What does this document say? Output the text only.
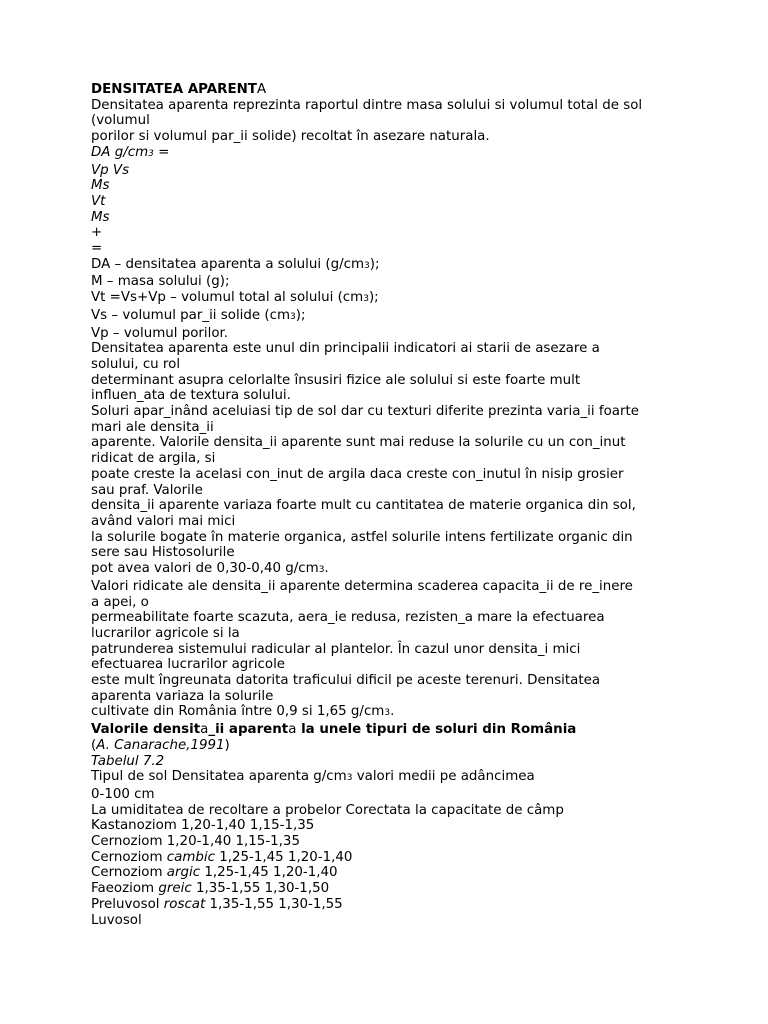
DENSITATEA APARENTA

Densitatea aparenta reprezinta raportul dintre masa solului si volumul total de sol

(volumul

porilor si volumul par_ii solide) recoltat în asezare naturala.

DA g/cm3 =

Vp Vs

Ms

Vt

Ms

+

=

DA – densitatea aparenta a solului (g/cm3);

M – masa solului (g);

Vt =Vs+Vp – volumul total al solului (cm3);

Vs – volumul par_ii solide (cm3);

Vp – volumul porilor.

Densitatea aparenta este unul din principalii indicatori ai starii de asezare a

solului, cu rol

determinant asupra celorlalte însusiri fizice ale solului si este foarte mult

influen_ata de textura solului.

Soluri apar_inând aceluiasi tip de sol dar cu texturi diferite prezinta varia_ii foarte

mari ale densita_ii

aparente. Valorile densita_ii aparente sunt mai reduse la solurile cu un con_inut

ridicat de argila, si

poate creste la acelasi con_inut de argila daca creste con_inutul în nisip grosier

sau praf. Valorile

densita_ii aparente variaza foarte mult cu cantitatea de materie organica din sol,

având valori mai mici

la solurile bogate în materie organica, astfel solurile intens fertilizate organic din

sere sau Histosolurile

pot avea valori de 0,30-0,40 g/cm3.

Valori ridicate ale densita_ii aparente determina scaderea capacita_ii de re_inere

a apei, o

permeabilitate foarte scazuta, aera_ie redusa, rezisten_a mare la efectuarea

lucrarilor agricole si la

patrunderea sistemului radicular al plantelor. În cazul unor densita_i mici

efectuarea lucrarilor agricole

este mult îngreunata datorita traficului dificil pe aceste terenuri. Densitatea

aparenta variaza la solurile

cultivate din România între 0,9 si 1,65 g/cm3.

Valorile densita_ii aparenta la unele tipuri de soluri din România

(A. Canarache,1991)

Tabelul 7.2

Tipul de sol Densitatea aparenta g/cm3 valori medii pe adâncimea

0-100 cm

La umiditatea de recoltare a probelor Corectata la capacitate de câmp

Kastanoziom 1,20-1,40 1,15-1,35

Cernoziom 1,20-1,40 1,15-1,35

Cernoziom cambic 1,25-1,45 1,20-1,40

Cernoziom argic 1,25-1,45 1,20-1,40

Faeoziom greic 1,35-1,55 1,30-1,50

Preluvosol roscat 1,35-1,55 1,30-1,55

Luvosol
